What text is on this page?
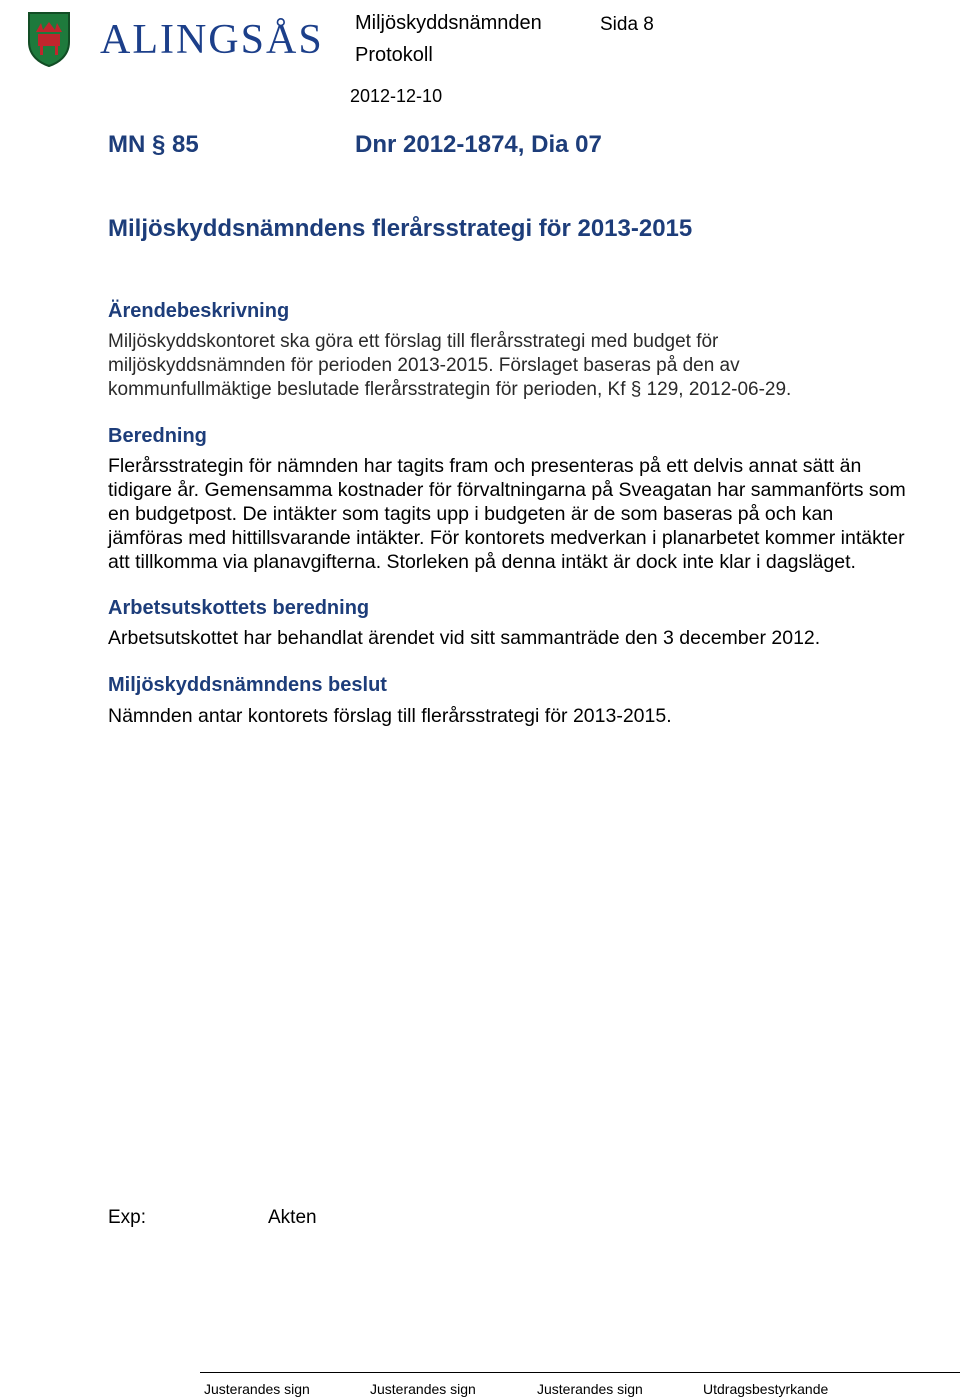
ALINGSÅS Miljöskyddsnämnden	Sida 8
Protokoll
2012-12-10
MN § 85	Dnr 2012-1874, Dia 07
Miljöskyddsnämndens flerårsstrategi för 2013-2015
Ärendebeskrivning
Miljöskyddskontoret ska göra ett förslag till flerårsstrategi med budget för
miljöskyddsnämnden för perioden 2013-2015. Förslaget baseras på den av
kommunfullmäktige beslutade flerårsstrategin för perioden, Kf § 129, 2012-06-29.
Beredning
Flerårsstrategin för nämnden har tagits fram och presenteras på ett delvis annat sätt än
tidigare år. Gemensamma kostnader för förvaltningarna på Sveagatan har sammanförts som
en budgetpost. De intäkter som tagits upp i budgeten är de som baseras på och kan
jämföras med hittillsvarande intäkter. För kontorets medverkan i planarbetet kommer intäkter
att tillkomma via planavgifterna. Storleken på denna intäkt är dock inte klar i dagsläget.
Arbetsutskottets beredning
Arbetsutskottet har behandlat ärendet vid sitt sammanträde den 3 december 2012.
Miljöskyddsnämndens beslut
Nämnden antar kontorets förslag till flerårsstrategi för 2013-2015.
Exp:	Akten
Justerandes sign	Justerandes sign	Justerandes sign	Utdragsbestyrkande
